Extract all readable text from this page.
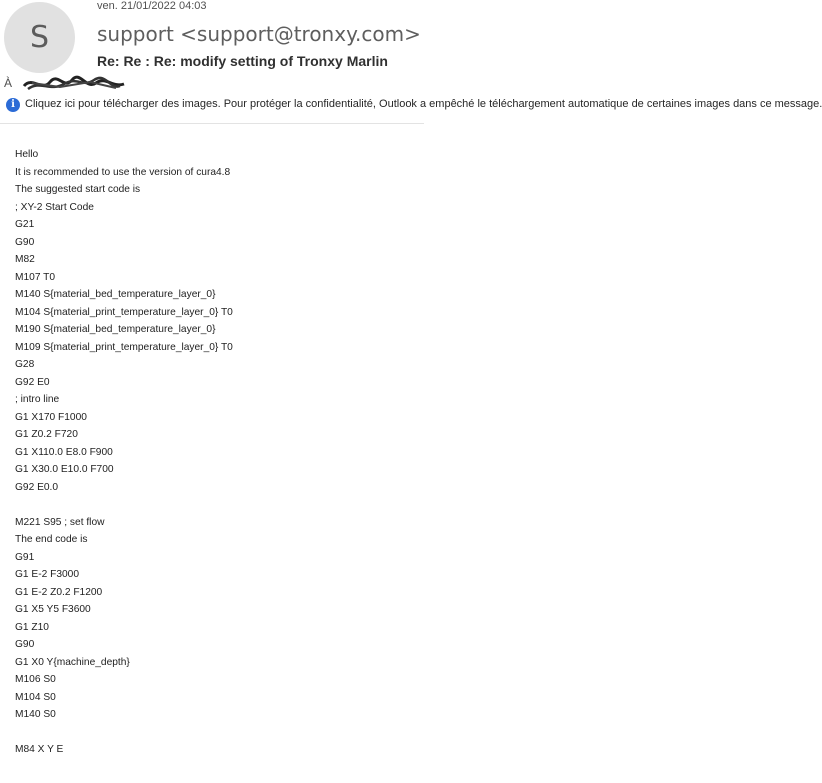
S
ven. 21/01/2022 04:03
support <support@tronxy.com>
Re: Re : Re: modify setting of Tronxy Marlin
À
i Cliquez ici pour télécharger des images. Pour protéger la confidentialité, Outlook a empêché le téléchargement automatique de certaines images dans ce message.
Hello
It is recommended to use the version of cura4.8
The suggested start code is
; XY-2 Start Code
G21
G90
M82
M107 T0
M140 S{material_bed_temperature_layer_0}
M104 S{material_print_temperature_layer_0} T0
M190 S{material_bed_temperature_layer_0}
M109 S{material_print_temperature_layer_0} T0
G28
G92 E0
; intro line
G1 X170 F1000
G1 Z0.2 F720
G1 X110.0 E8.0 F900
G1 X30.0 E10.0 F700
G92 E0.0
M221 S95 ; set flow
The end code is
G91
G1 E-2 F3000
G1 E-2 Z0.2 F1200
G1 X5 Y5 F3600
G1 Z10
G90
G1 X0 Y{machine_depth}
M106 S0
M104 S0
M140 S0
M84 X Y E
